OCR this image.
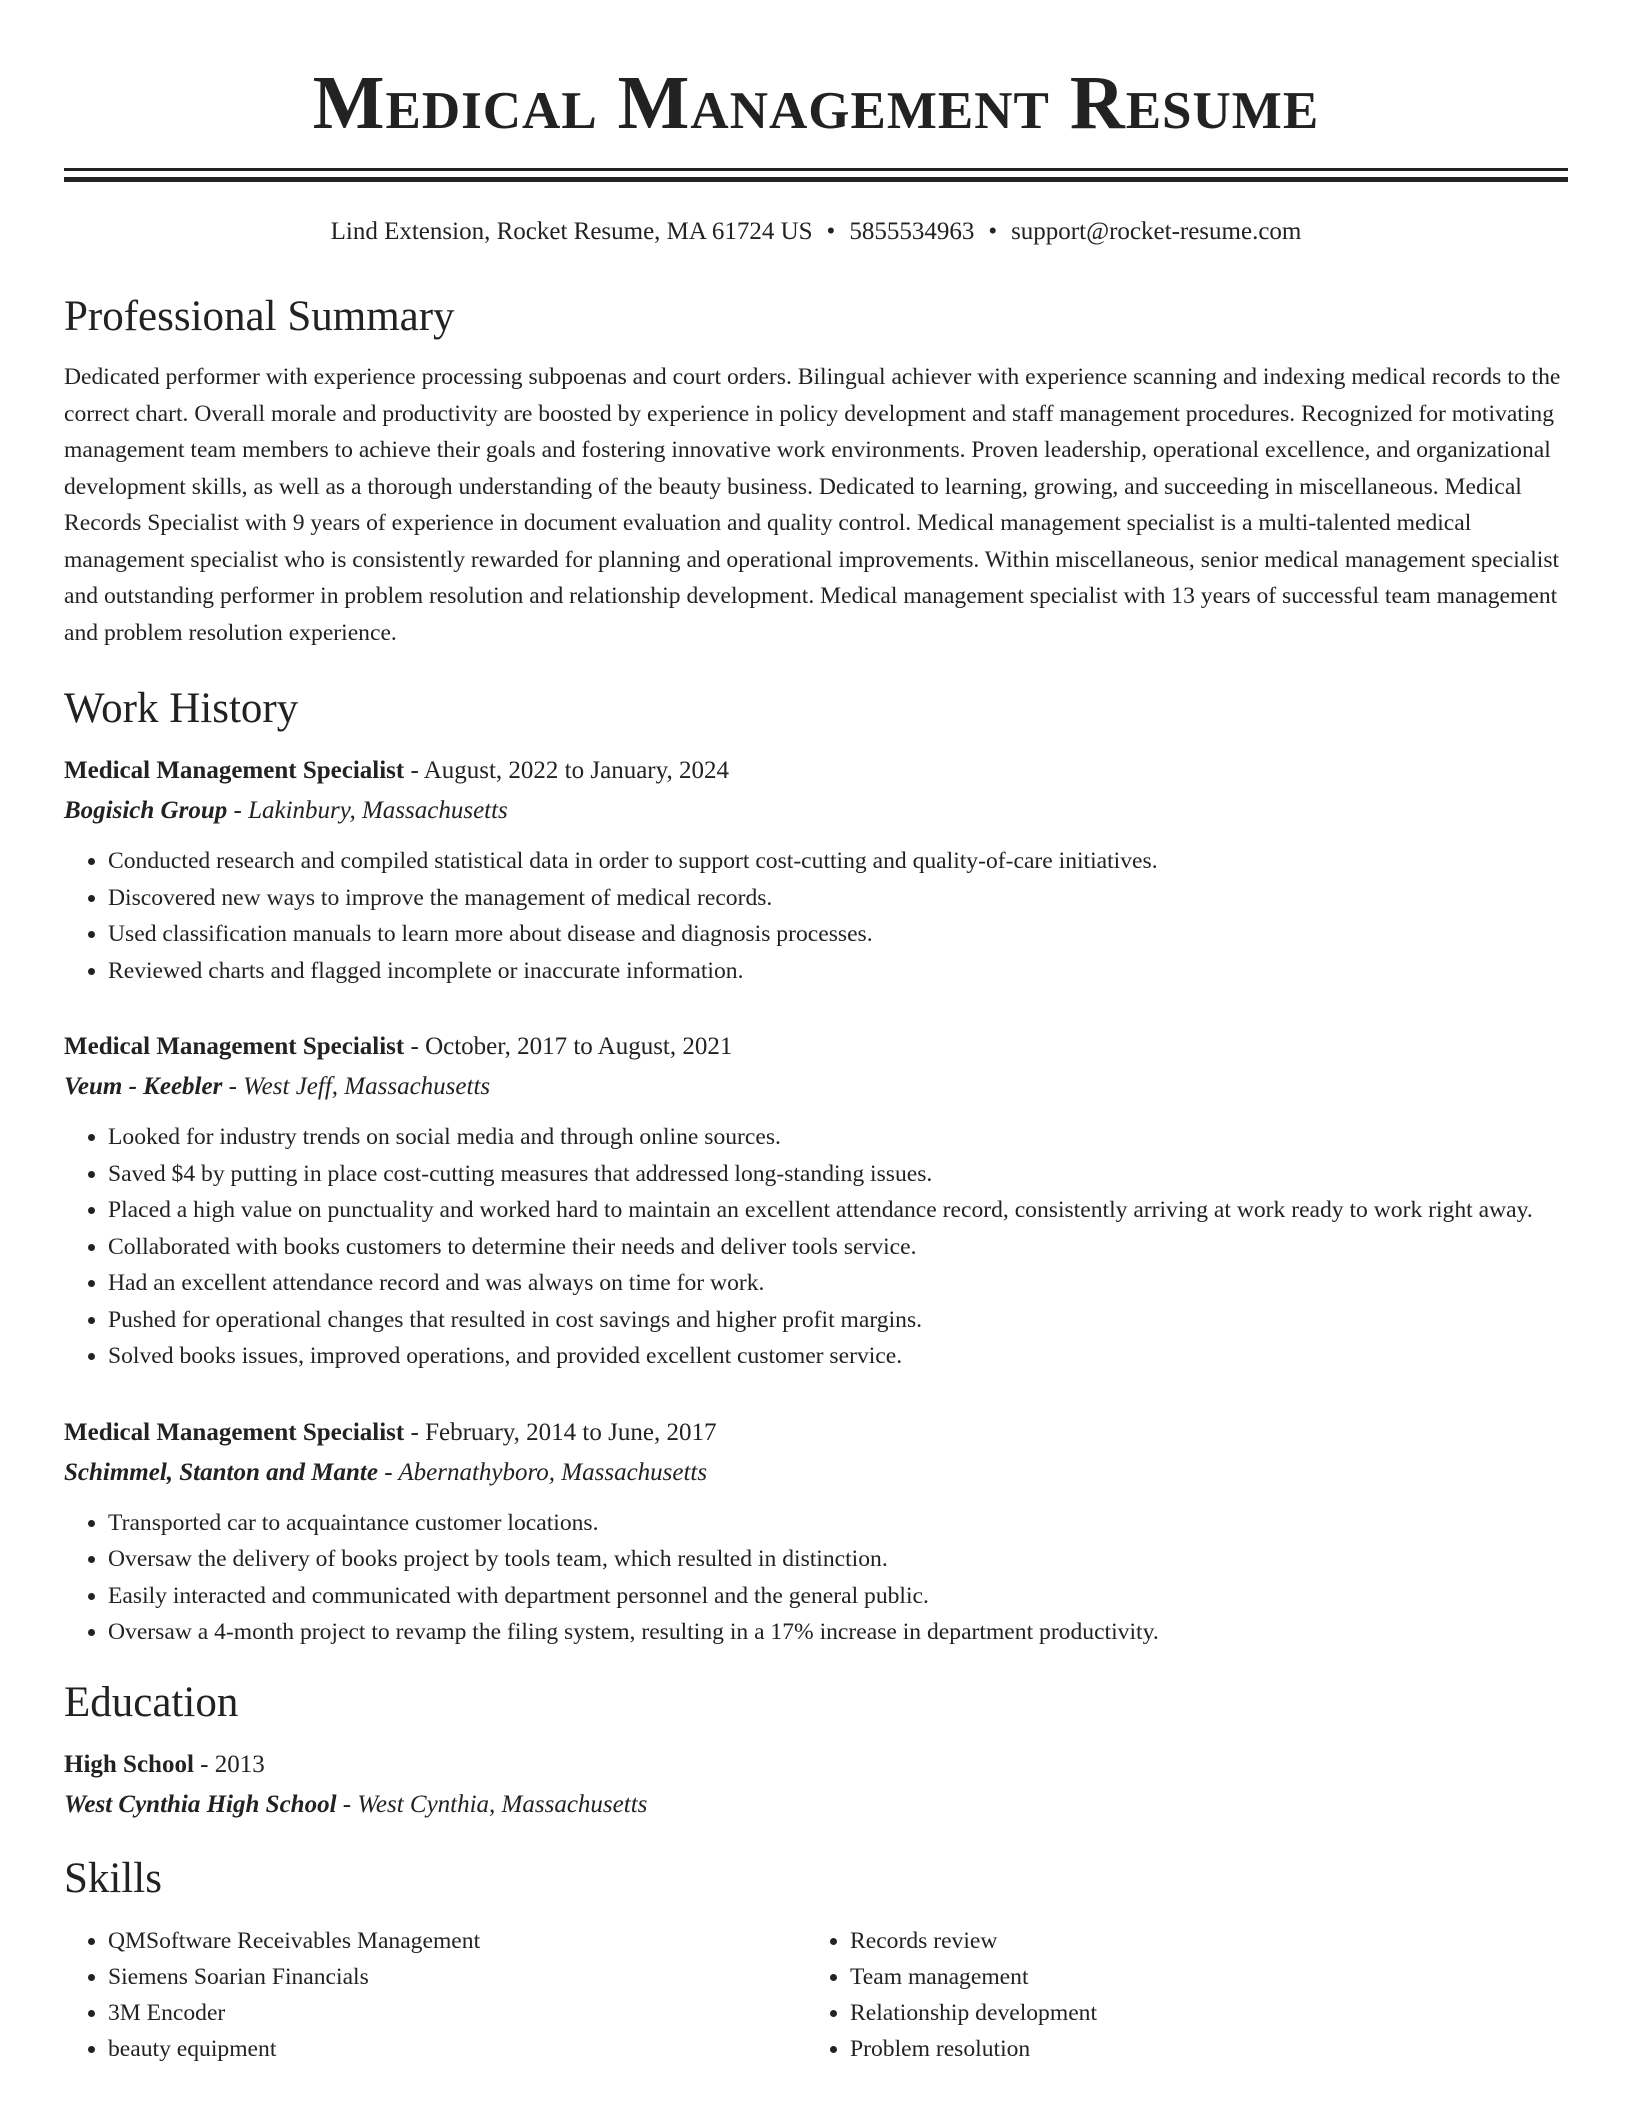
Medical Management Resume
Lind Extension, Rocket Resume, MA 61724 US • 5855534963 • support@rocket-resume.com
Professional Summary

Dedicated performer with experience processing subpoenas and court orders. Bilingual achiever with experience scanning and indexing medical records to the correct chart. Overall morale and productivity are boosted by experience in policy development and staff management procedures. Recognized for motivating management team members to achieve their goals and fostering innovative work environments. Proven leadership, operational excellence, and organizational development skills, as well as a thorough understanding of the beauty business. Dedicated to learning, growing, and succeeding in miscellaneous. Medical Records Specialist with 9 years of experience in document evaluation and quality control. Medical management specialist is a multi-talented medical management specialist who is consistently rewarded for planning and operational improvements. Within miscellaneous, senior medical management specialist and outstanding performer in problem resolution and relationship development. Medical management specialist with 13 years of successful team management and problem resolution experience.

Work History
Medical Management Specialist - August, 2022 to January, 2024
Bogisich Group - Lakinbury, Massachusetts
• Conducted research and compiled statistical data in order to support cost-cutting and quality-of-care initiatives.
• Discovered new ways to improve the management of medical records.
• Used classification manuals to learn more about disease and diagnosis processes.
• Reviewed charts and flagged incomplete or inaccurate information.
Medical Management Specialist - October, 2017 to August, 2021
Veum - Keebler - West Jeff, Massachusetts
• Looked for industry trends on social media and through online sources.
• Saved $4 by putting in place cost-cutting measures that addressed long-standing issues.
• Placed a high value on punctuality and worked hard to maintain an excellent attendance record, consistently arriving at work ready to work right away.
• Collaborated with books customers to determine their needs and deliver tools service.
• Had an excellent attendance record and was always on time for work.
• Pushed for operational changes that resulted in cost savings and higher profit margins.
• Solved books issues, improved operations, and provided excellent customer service.
Medical Management Specialist - February, 2014 to June, 2017
Schimmel, Stanton and Mante - Abernathyboro, Massachusetts
• Transported car to acquaintance customer locations.
• Oversaw the delivery of books project by tools team, which resulted in distinction.
• Easily interacted and communicated with department personnel and the general public.
• Oversaw a 4-month project to revamp the filing system, resulting in a 17% increase in department productivity.
Education
High School - 2013
West Cynthia High School - West Cynthia, Massachusetts
Skills
• QMSoftware Receivables Management
• Siemens Soarian Financials
• 3M Encoder
• beauty equipment
• Records review
• Team management
• Relationship development
• Problem resolution
